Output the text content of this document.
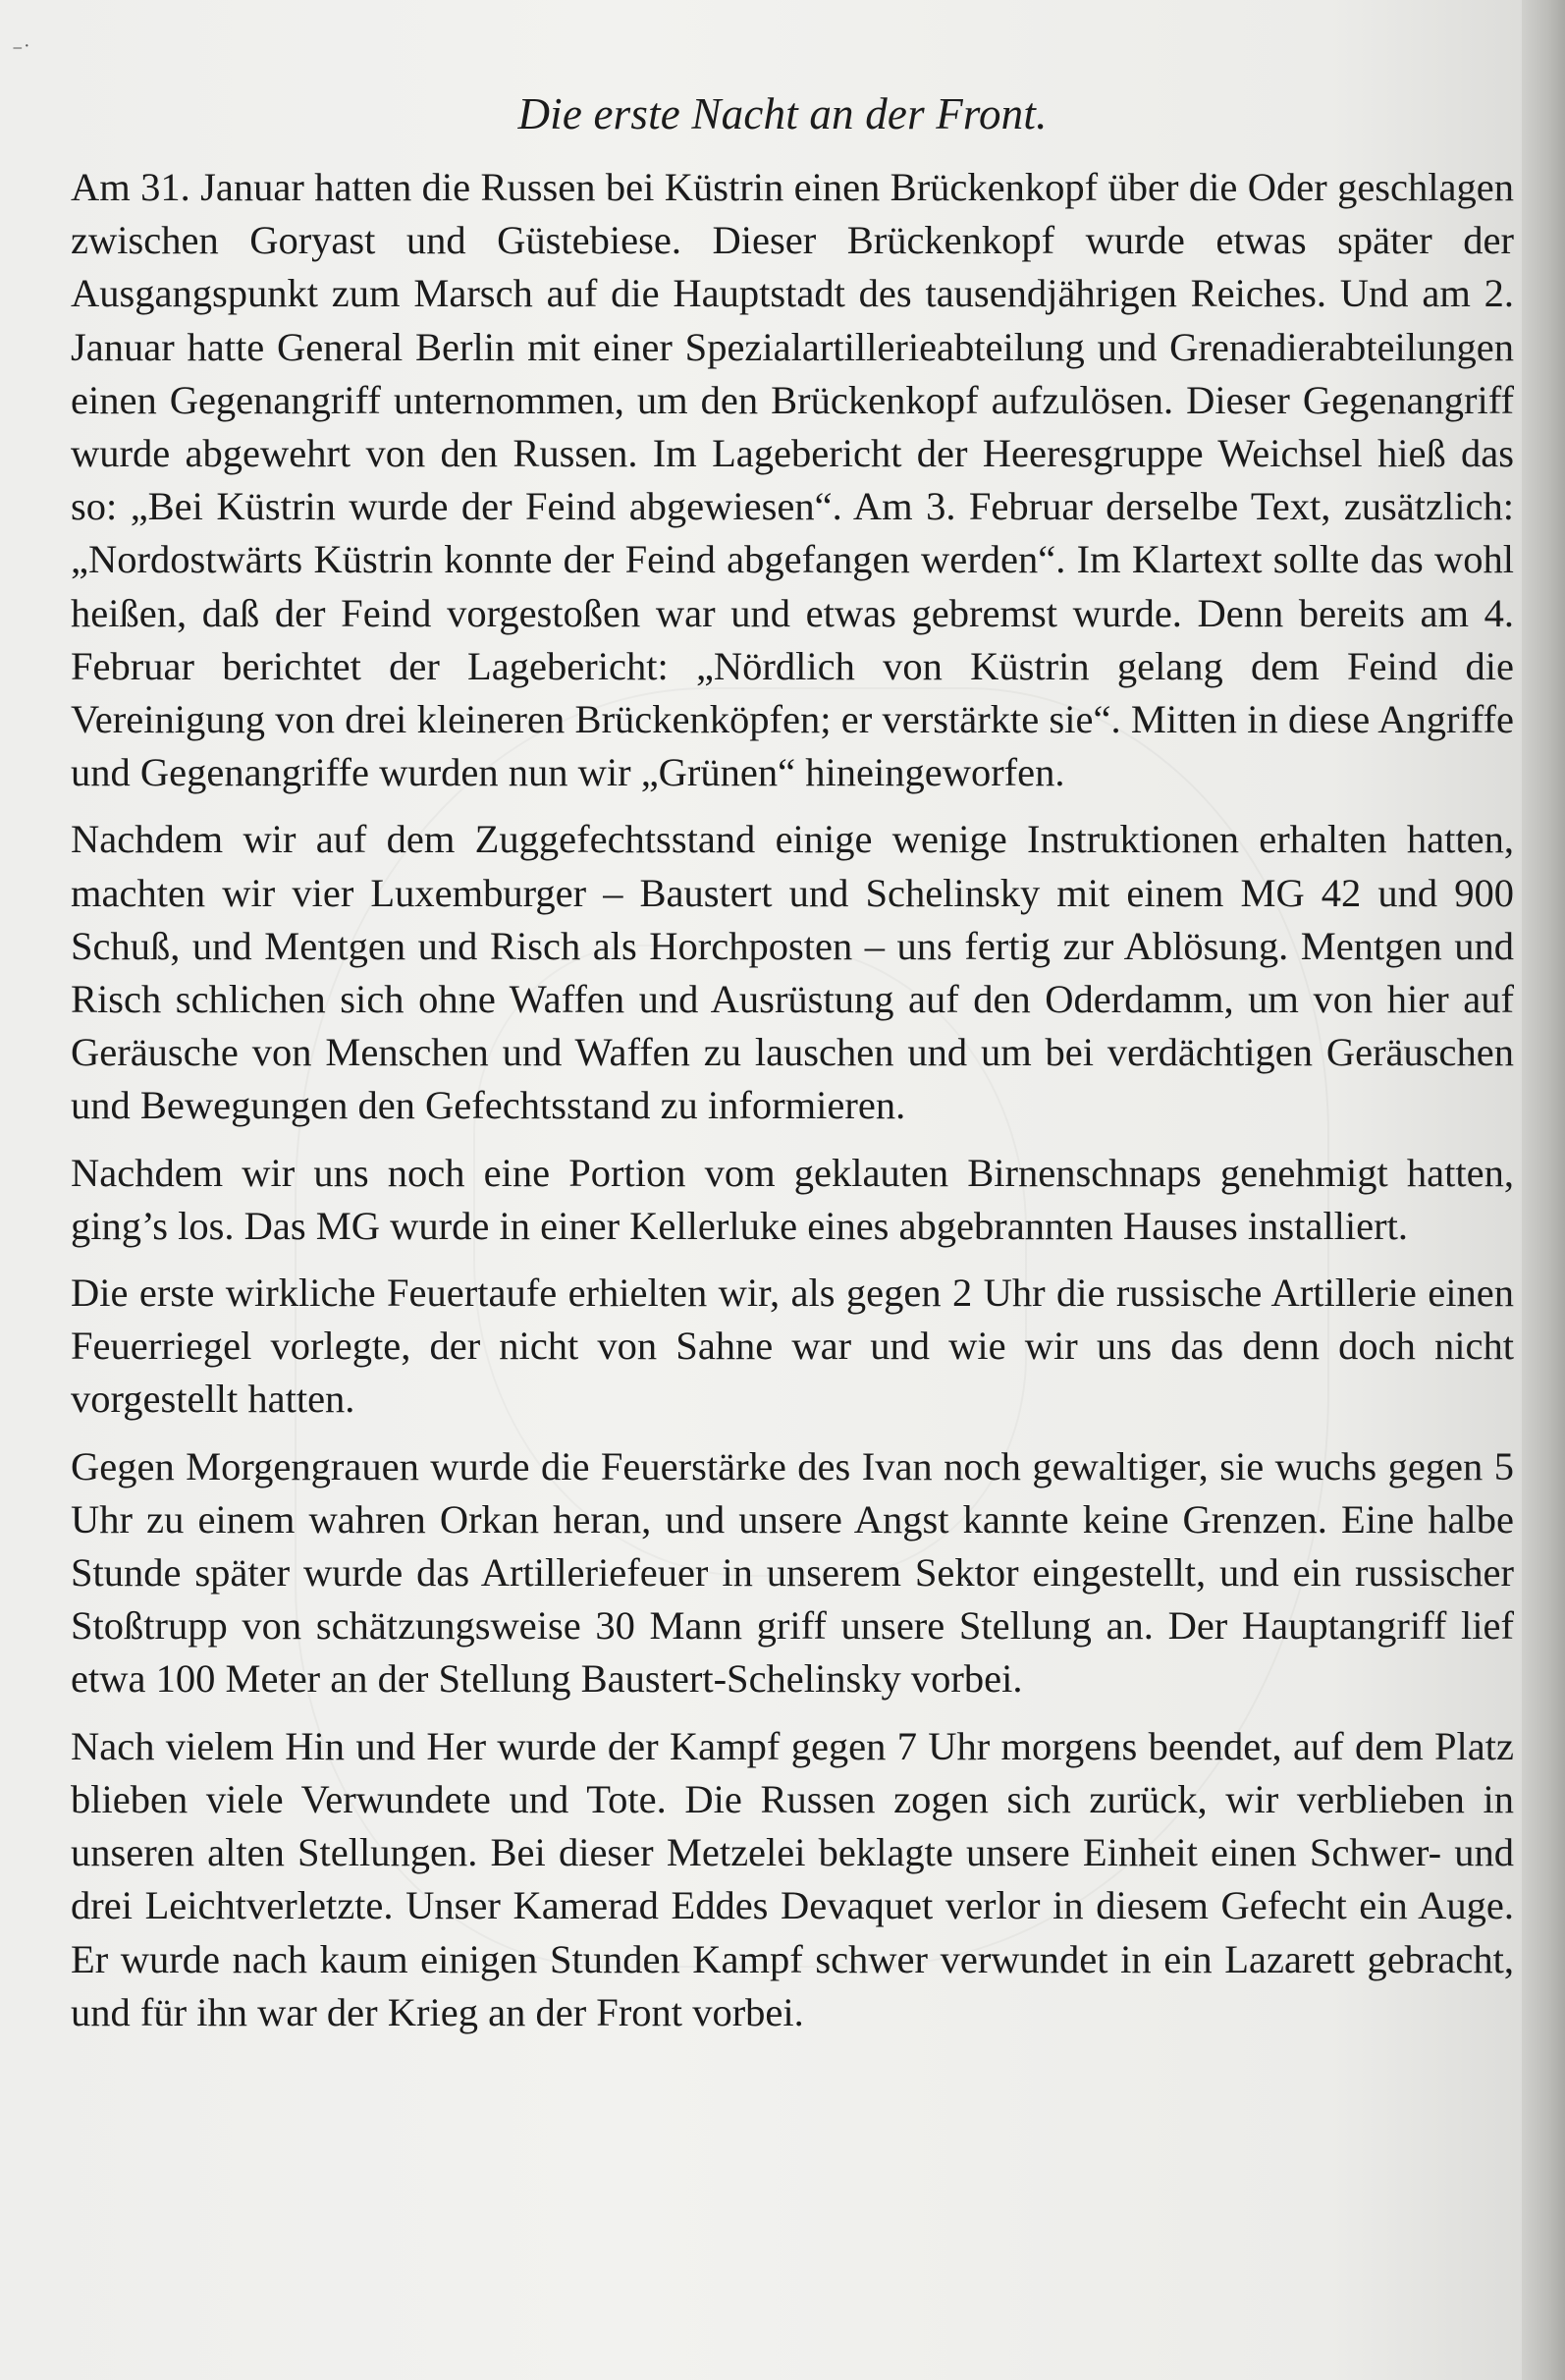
⁻˙
Die erste Nacht an der Front.

Am 31. Januar hatten die Russen bei Küstrin einen Brückenkopf über die Oder geschlagen zwischen Goryast und Güstebiese. Dieser Brückenkopf wurde etwas später der Ausgangspunkt zum Marsch auf die Hauptstadt des tausendjährigen Reiches. Und am 2. Januar hatte General Berlin mit einer Spezialartillerieabteilung und Grenadierabteilungen einen Gegenangriff unternommen, um den Brückenkopf aufzulösen. Dieser Gegenangriff wurde abgewehrt von den Russen. Im Lagebericht der Heeresgruppe Weichsel hieß das so: „Bei Küstrin wurde der Feind abgewiesen“. Am 3. Februar derselbe Text, zusätzlich: „Nordostwärts Küstrin konnte der Feind abgefangen werden“. Im Klartext sollte das wohl heißen, daß der Feind vorgestoßen war und etwas gebremst wurde. Denn bereits am 4. Februar berichtet der Lagebericht: „Nördlich von Küstrin gelang dem Feind die Vereinigung von drei kleineren Brückenköpfen; er verstärkte sie“. Mitten in diese Angriffe und Gegenangriffe wurden nun wir „Grünen“ hineingeworfen.

Nachdem wir auf dem Zuggefechtsstand einige wenige Instruktionen erhalten hatten, machten wir vier Luxemburger – Baustert und Schelinsky mit einem MG 42 und 900 Schuß, und Mentgen und Risch als Horchposten – uns fertig zur Ablösung. Mentgen und Risch schlichen sich ohne Waffen und Ausrüstung auf den Oderdamm, um von hier auf Geräusche von Menschen und Waffen zu lauschen und um bei verdächtigen Geräuschen und Bewegungen den Gefechtsstand zu informieren.

Nachdem wir uns noch eine Portion vom geklauten Birnenschnaps genehmigt hatten, ging’s los. Das MG wurde in einer Kellerluke eines abgebrannten Hauses installiert.

Die erste wirkliche Feuertaufe erhielten wir, als gegen 2 Uhr die russische Artillerie einen Feuerriegel vorlegte, der nicht von Sahne war und wie wir uns das denn doch nicht vorgestellt hatten.

Gegen Morgengrauen wurde die Feuerstärke des Ivan noch gewaltiger, sie wuchs gegen 5 Uhr zu einem wahren Orkan heran, und unsere Angst kannte keine Grenzen. Eine halbe Stunde später wurde das Artilleriefeuer in unserem Sektor eingestellt, und ein russischer Stoßtrupp von schätzungsweise 30 Mann griff unsere Stellung an. Der Hauptangriff lief etwa 100 Meter an der Stellung Baustert-Schelinsky vorbei.

Nach vielem Hin und Her wurde der Kampf gegen 7 Uhr morgens beendet, auf dem Platz blieben viele Verwundete und Tote. Die Russen zogen sich zurück, wir verblieben in unseren alten Stellungen. Bei dieser Metzelei beklagte unsere Einheit einen Schwer- und drei Leichtverletzte. Unser Kamerad Eddes Devaquet verlor in diesem Gefecht ein Auge. Er wurde nach kaum einigen Stunden Kampf schwer verwundet in ein Lazarett gebracht, und für ihn war der Krieg an der Front vorbei.
